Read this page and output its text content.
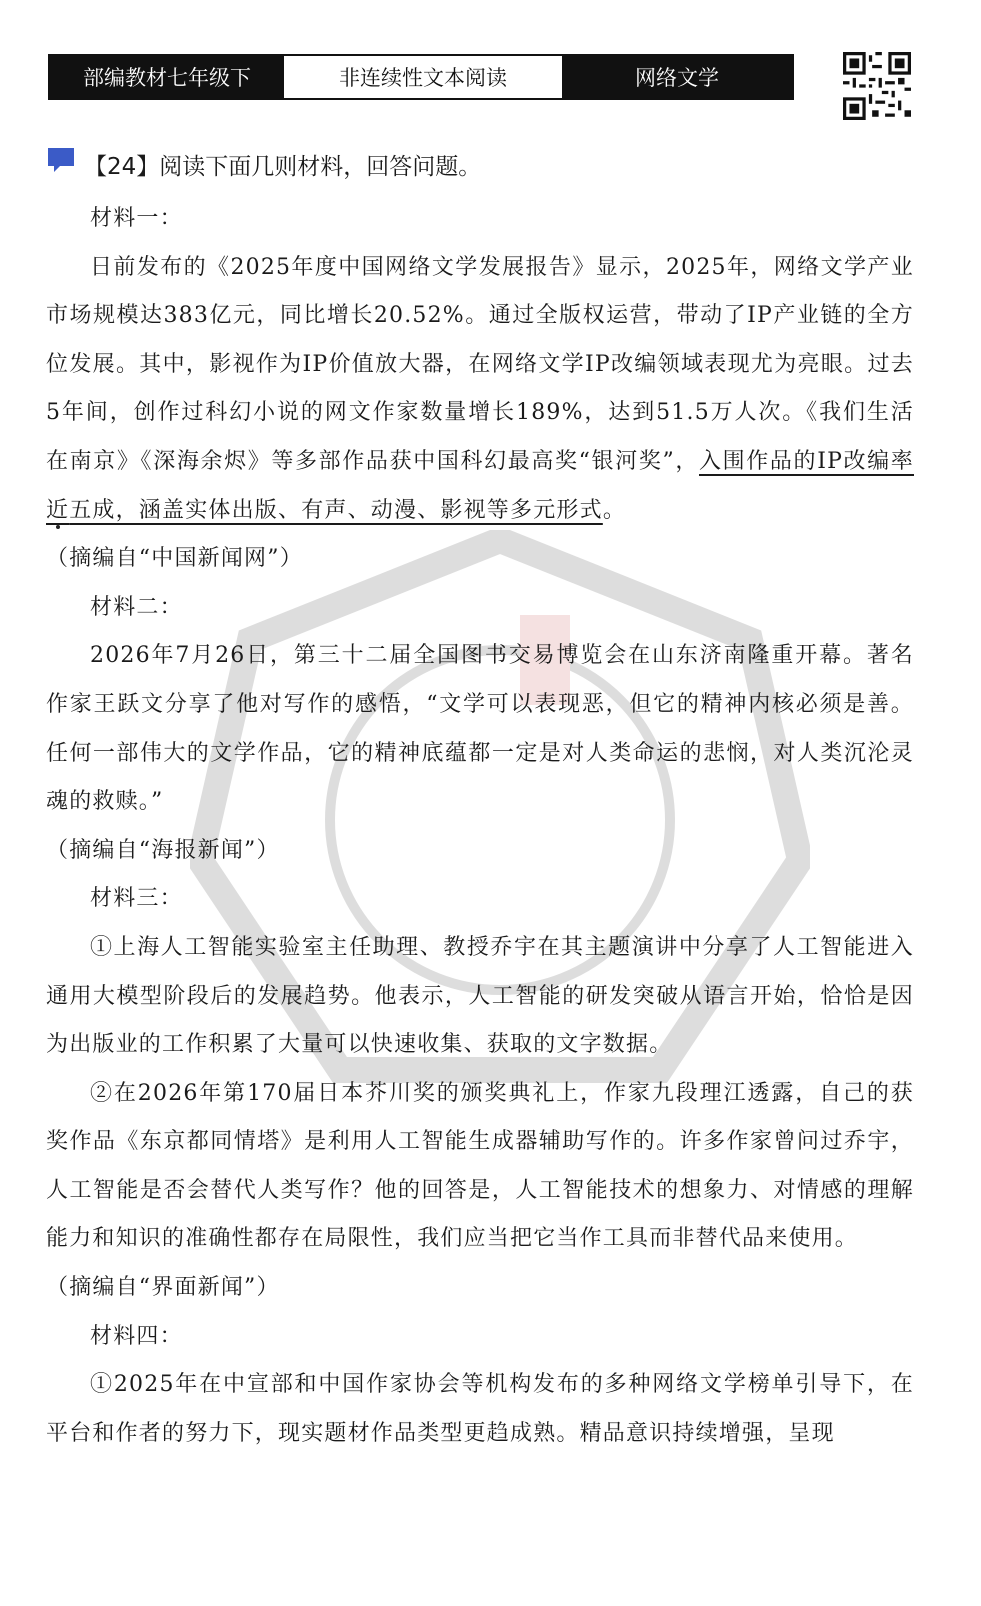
部编教材七年级下	非连续性文本阅读	网络文学
【24】阅读下面几则材料，回答问题。
材料一：

日前发布的《2025年度中国网络文学发展报告》显示，2025年，网络文学产业市场规模达383亿元，同比增长20.52%。通过全版权运营，带动了IP产业链的全方位发展。其中，影视作为IP价值放大器，在网络文学IP改编领域表现尤为亮眼。过去5年间，创作过科幻小说的网文作家数量增长189%，达到51.5万人次。《我们生活在南京》《深海余烬》等多部作品获中国科幻最高奖“银河奖”，入围作品的IP改编率近五成，涵盖实体出版、有声、动漫、影视等多元形式。

（摘编自“中国新闻网”）

材料二：

2026年7月26日，第三十二届全国图书交易博览会在山东济南隆重开幕。著名作家王跃文分享了他对写作的感悟，“文学可以表现恶，但它的精神内核必须是善。任何一部伟大的文学作品，它的精神底蕴都一定是对人类命运的悲悯，对人类沉沦灵魂的救赎。”

（摘编自“海报新闻”）

材料三：

①上海人工智能实验室主任助理、教授乔宇在其主题演讲中分享了人工智能进入通用大模型阶段后的发展趋势。他表示，人工智能的研发突破从语言开始，恰恰是因为出版业的工作积累了大量可以快速收集、获取的文字数据。

②在2026年第170届日本芥川奖的颁奖典礼上，作家九段理江透露，自己的获奖作品《东京都同情塔》是利用人工智能生成器辅助写作的。许多作家曾问过乔宇，人工智能是否会替代人类写作？他的回答是，人工智能技术的想象力、对情感的理解能力和知识的准确性都存在局限性，我们应当把它当作工具而非替代品来使用。

（摘编自“界面新闻”）

材料四：

①2025年在中宣部和中国作家协会等机构发布的多种网络文学榜单引导下，在平台和作者的努力下，现实题材作品类型更趋成熟。精品意识持续增强，呈现
